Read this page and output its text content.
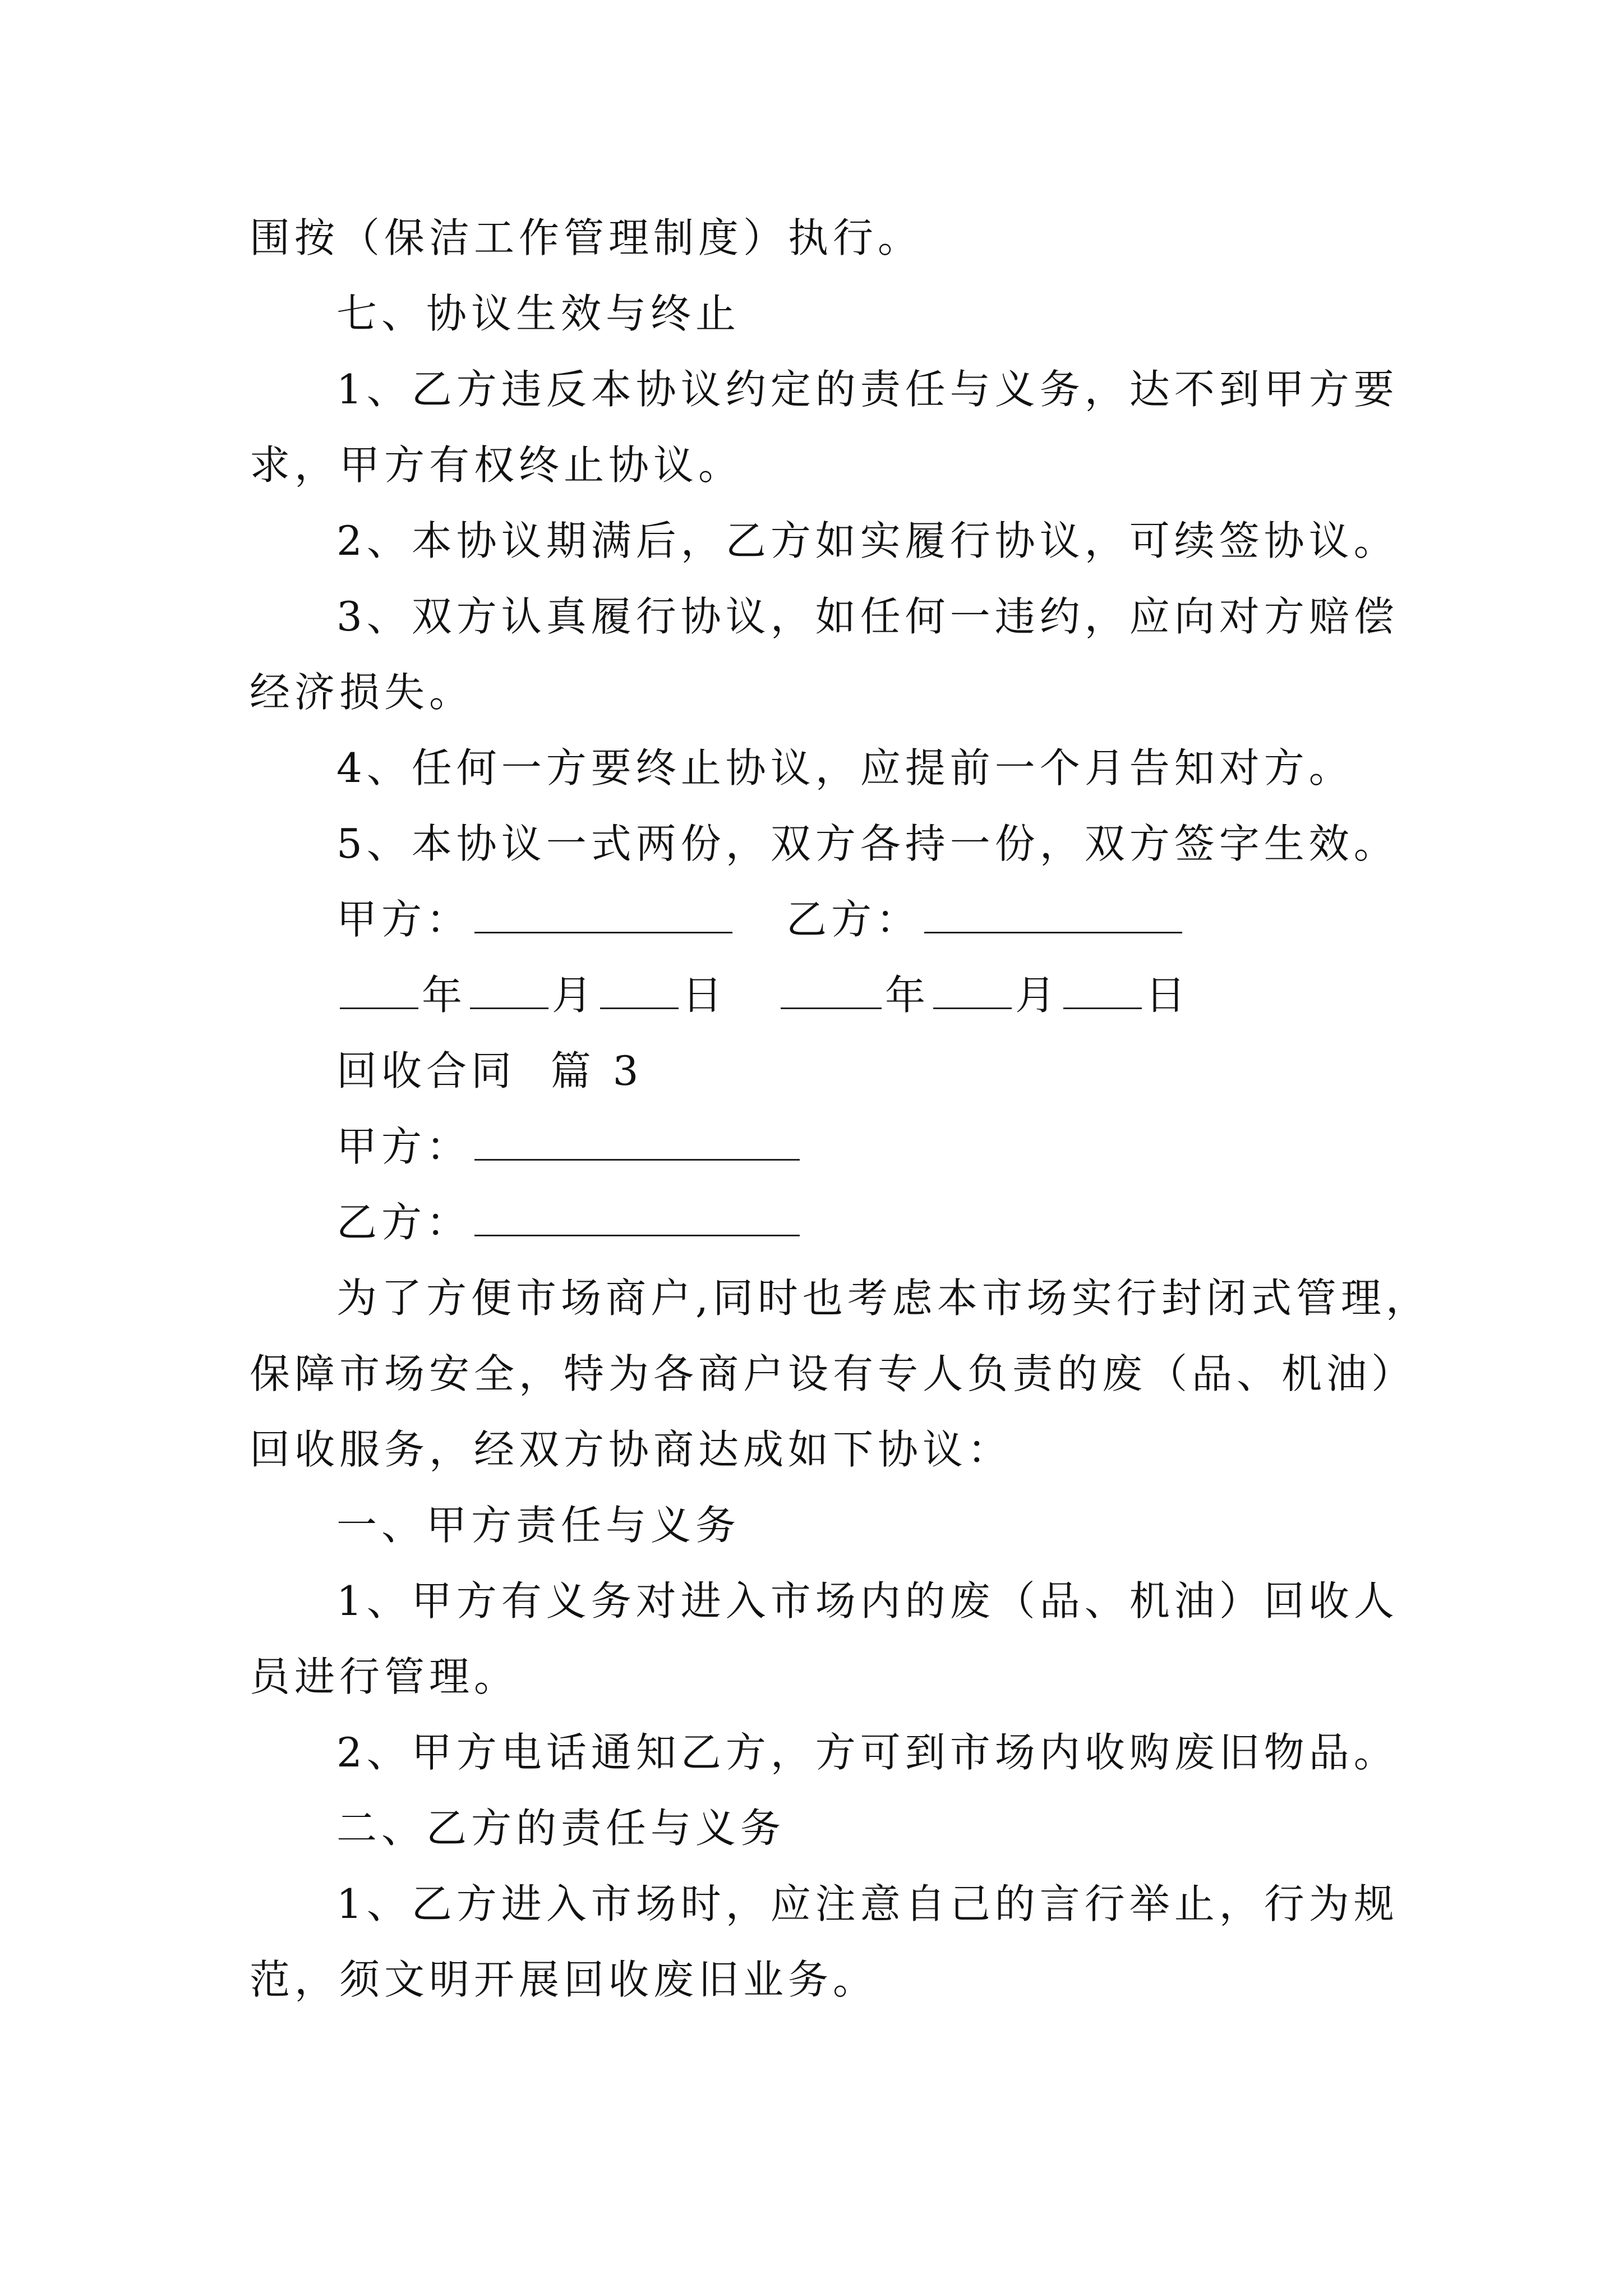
围按（保洁工作管理制度）执行。
七、协议生效与终止
1、乙方违反本协议约定的责任与义务，达不到甲方要
求，甲方有权终止协议。
2、本协议期满后，乙方如实履行协议，可续签协议。
3、双方认真履行协议，如任何一违约，应向对方赔偿
经济损失。
4、任何一方要终止协议，应提前一个月告知对方。
5、本协议一式两份，双方各持一份，双方签字生效。
甲方：	乙方：
年 月 日	年 月 日
回收合同  篇 3
甲方：
乙方：
为了方便市场商户,同时也考虑本市场实行封闭式管理，
保障市场安全，特为各商户设有专人负责的废（品、机油）
回收服务，经双方协商达成如下协议：
一、甲方责任与义务
1、甲方有义务对进入市场内的废（品、机油）回收人
员进行管理。
2、甲方电话通知乙方，方可到市场内收购废旧物品。
二、乙方的责任与义务
1、乙方进入市场时，应注意自己的言行举止，行为规
范，须文明开展回收废旧业务。
